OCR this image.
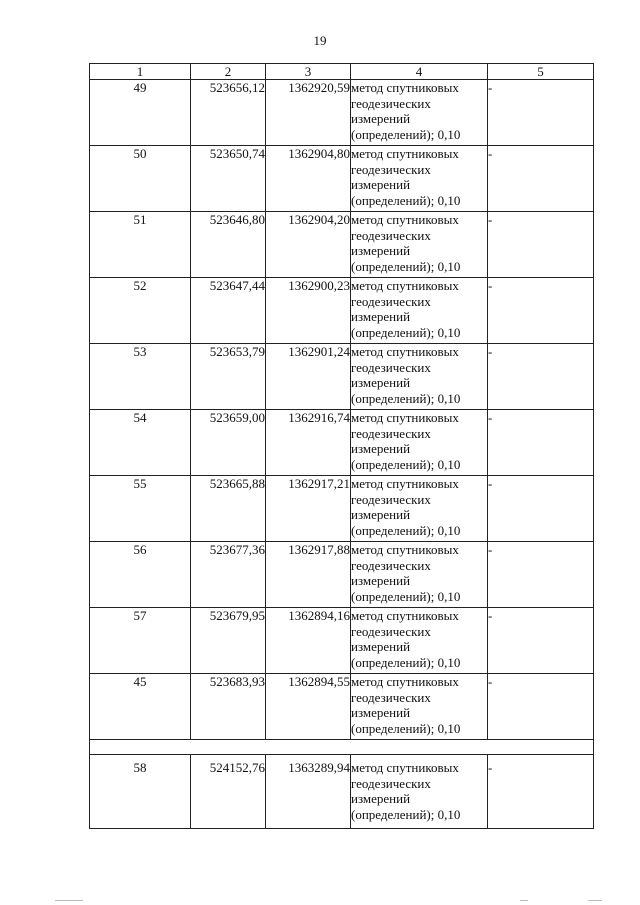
19
1	2	3	4	5
49	523656,12	1362920,59	метод спутниковых
геодезических
измерений
(определений); 0,10	-
50	523650,74	1362904,80	метод спутниковых
геодезических
измерений
(определений); 0,10	-
51	523646,80	1362904,20	метод спутниковых
геодезических
измерений
(определений); 0,10	-
52	523647,44	1362900,23	метод спутниковых
геодезических
измерений
(определений); 0,10	-
53	523653,79	1362901,24	метод спутниковых
геодезических
измерений
(определений); 0,10	-
54	523659,00	1362916,74	метод спутниковых
геодезических
измерений
(определений); 0,10	-
55	523665,88	1362917,21	метод спутниковых
геодезических
измерений
(определений); 0,10	-
56	523677,36	1362917,88	метод спутниковых
геодезических
измерений
(определений); 0,10	-
57	523679,95	1362894,16	метод спутниковых
геодезических
измерений
(определений); 0,10	-
45	523683,93	1362894,55	метод спутниковых
геодезических
измерений
(определений); 0,10	-

58	524152,76	1363289,94	метод спутниковых
геодезических
измерений
(определений); 0,10	-
